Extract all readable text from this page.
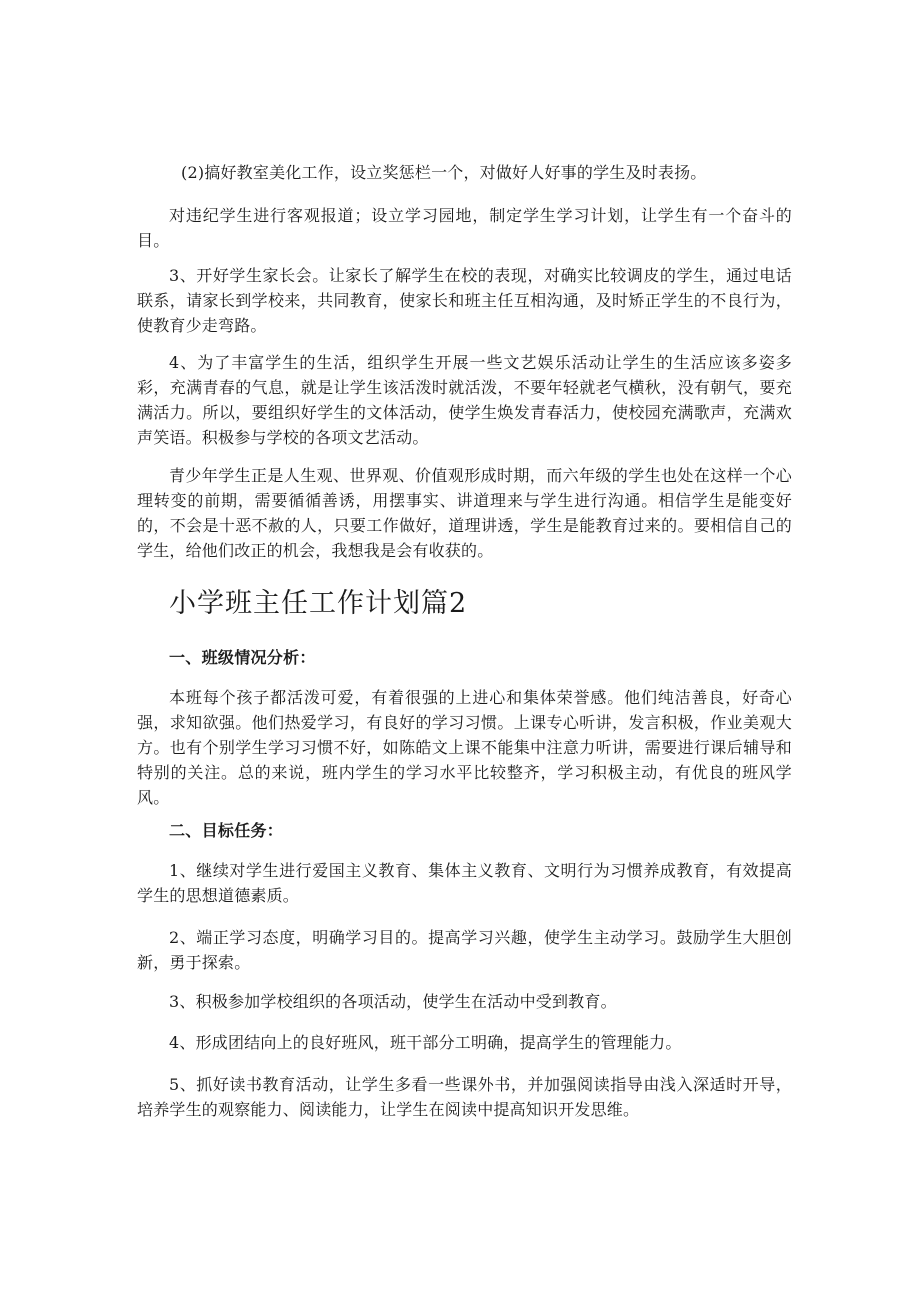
(2)搞好教室美化工作，设立奖惩栏一个，对做好人好事的学生及时表扬。

对违纪学生进行客观报道；设立学习园地，制定学生学习计划，让学生有一个奋斗的目。

3、开好学生家长会。让家长了解学生在校的表现，对确实比较调皮的学生，通过电话联系，请家长到学校来，共同教育，使家长和班主任互相沟通，及时矫正学生的不良行为，使教育少走弯路。

4、为了丰富学生的生活，组织学生开展一些文艺娱乐活动让学生的生活应该多姿多彩，充满青春的气息，就是让学生该活泼时就活泼，不要年轻就老气横秋，没有朝气，要充满活力。所以，要组织好学生的文体活动，使学生焕发青春活力，使校园充满歌声，充满欢声笑语。积极参与学校的各项文艺活动。

青少年学生正是人生观、世界观、价值观形成时期，而六年级的学生也处在这样一个心理转变的前期，需要循循善诱，用摆事实、讲道理来与学生进行沟通。相信学生是能变好的，不会是十恶不赦的人，只要工作做好，道理讲透，学生是能教育过来的。要相信自己的学生，给他们改正的机会，我想我是会有收获的。

小学班主任工作计划篇2
一、班级情况分析：

本班每个孩子都活泼可爱，有着很强的上进心和集体荣誉感。他们纯洁善良，好奇心强，求知欲强。他们热爱学习，有良好的学习习惯。上课专心听讲，发言积极，作业美观大方。也有个别学生学习习惯不好，如陈皓文上课不能集中注意力听讲，需要进行课后辅导和特别的关注。总的来说，班内学生的学习水平比较整齐，学习积极主动，有优良的班风学风。

二、目标任务：

1、继续对学生进行爱国主义教育、集体主义教育、文明行为习惯养成教育，有效提高学生的思想道德素质。

2、端正学习态度，明确学习目的。提高学习兴趣，使学生主动学习。鼓励学生大胆创新，勇于探索。

3、积极参加学校组织的各项活动，使学生在活动中受到教育。

4、形成团结向上的良好班风，班干部分工明确，提高学生的管理能力。

5、抓好读书教育活动，让学生多看一些课外书，并加强阅读指导由浅入深适时开导，培养学生的观察能力、阅读能力，让学生在阅读中提高知识开发思维。
